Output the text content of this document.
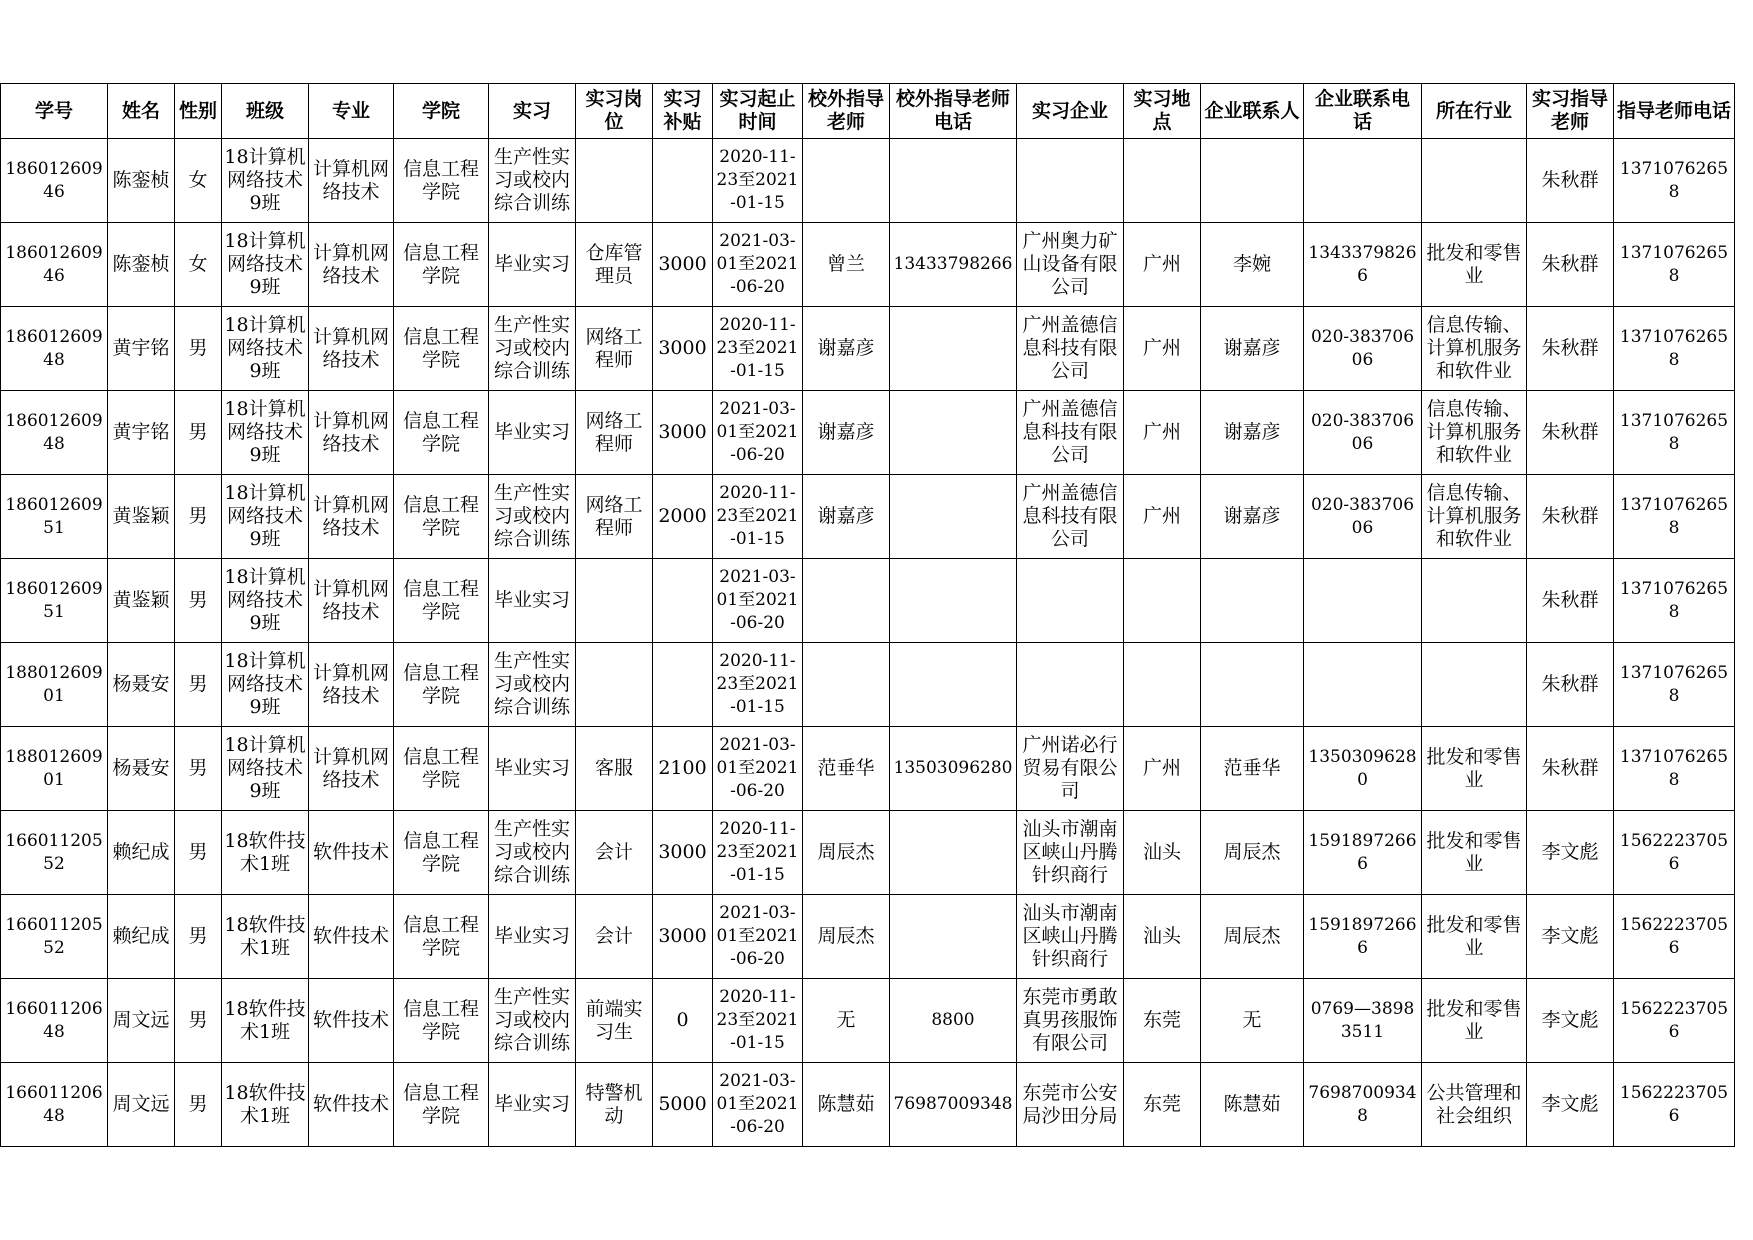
学号	姓名	性别	班级	专业	学院	实习	实习岗位	实习补贴	实习起止时间	校外指导老师	校外指导老师电话	实习企业	实习地点	企业联系人	企业联系电话	所在行业	实习指导老师	指导老师电话

18601260946	陈銮桢	女	18计算机网络技术9班	计算机网络技术	信息工程学院	生产性实习或校内综合训练			2020-11-23至2021-01-15								朱秋群	13710762658

18601260946	陈銮桢	女	18计算机网络技术9班	计算机网络技术	信息工程学院	毕业实习	仓库管理员	3000	2021-03-01至2021-06-20	曾兰	13433798266	广州奥力矿山设备有限公司	广州	李婉	13433798266	批发和零售业	朱秋群	13710762658

18601260948	黄宇铭	男	18计算机网络技术9班	计算机网络技术	信息工程学院	生产性实习或校内综合训练	网络工程师	3000	2020-11-23至2021-01-15	谢嘉彦		广州盖德信息科技有限公司	广州	谢嘉彦	020-38370606	信息传输、计算机服务和软件业	朱秋群	13710762658

18601260948	黄宇铭	男	18计算机网络技术9班	计算机网络技术	信息工程学院	毕业实习	网络工程师	3000	2021-03-01至2021-06-20	谢嘉彦		广州盖德信息科技有限公司	广州	谢嘉彦	020-38370606	信息传输、计算机服务和软件业	朱秋群	13710762658

18601260951	黄鉴颖	男	18计算机网络技术9班	计算机网络技术	信息工程学院	生产性实习或校内综合训练	网络工程师	2000	2020-11-23至2021-01-15	谢嘉彦		广州盖德信息科技有限公司	广州	谢嘉彦	020-38370606	信息传输、计算机服务和软件业	朱秋群	13710762658

18601260951	黄鉴颖	男	18计算机网络技术9班	计算机网络技术	信息工程学院	毕业实习			2021-03-01至2021-06-20								朱秋群	13710762658

18801260901	杨聂安	男	18计算机网络技术9班	计算机网络技术	信息工程学院	生产性实习或校内综合训练			2020-11-23至2021-01-15								朱秋群	13710762658

18801260901	杨聂安	男	18计算机网络技术9班	计算机网络技术	信息工程学院	毕业实习	客服	2100	2021-03-01至2021-06-20	范垂华	13503096280	广州诺必行贸易有限公司	广州	范垂华	13503096280	批发和零售业	朱秋群	13710762658

16601120552	赖纪成	男	18软件技术1班	软件技术	信息工程学院	生产性实习或校内综合训练	会计	3000	2020-11-23至2021-01-15	周辰杰		汕头市潮南区峡山丹腾针织商行	汕头	周辰杰	15918972666	批发和零售业	李文彪	15622237056

16601120552	赖纪成	男	18软件技术1班	软件技术	信息工程学院	毕业实习	会计	3000	2021-03-01至2021-06-20	周辰杰		汕头市潮南区峡山丹腾针织商行	汕头	周辰杰	15918972666	批发和零售业	李文彪	15622237056

16601120648	周文远	男	18软件技术1班	软件技术	信息工程学院	生产性实习或校内综合训练	前端实习生	0	2020-11-23至2021-01-15	无	8800	东莞市勇敢真男孩服饰有限公司	东莞	无	0769—38983511	批发和零售业	李文彪	15622237056

16601120648	周文远	男	18软件技术1班	软件技术	信息工程学院	毕业实习	特警机动	5000	2021-03-01至2021-06-20	陈慧茹	76987009348	东莞市公安局沙田分局	东莞	陈慧茹	76987009348	公共管理和社会组织	李文彪	15622237056
